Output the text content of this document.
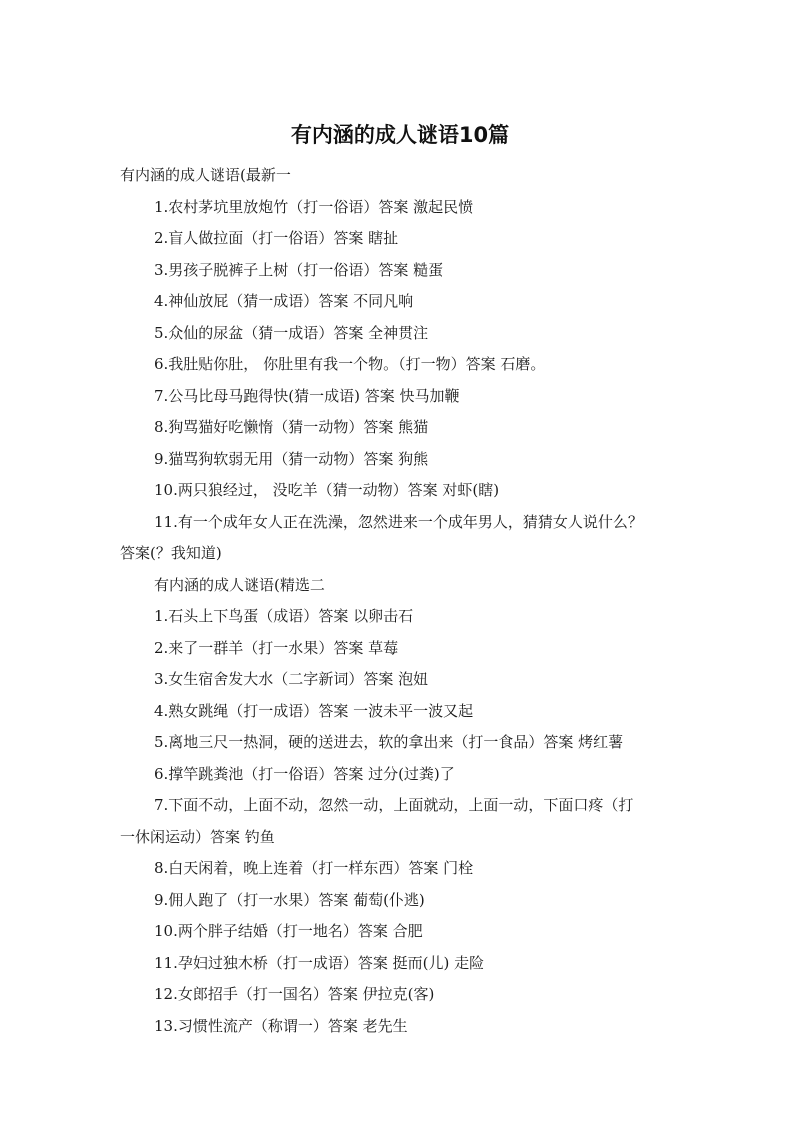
有内涵的成人谜语10篇

有内涵的成人谜语(最新一

1.农村茅坑里放炮竹（打一俗语）答案 激起民愤

2.盲人做拉面（打一俗语）答案 瞎扯

3.男孩子脱裤子上树（打一俗语）答案 糙蛋

4.神仙放屁（猜一成语）答案 不同凡响

5.众仙的尿盆（猜一成语）答案 全神贯注

6.我肚贴你肚， 你肚里有我一个物。（打一物）答案 石磨。

7.公马比母马跑得快(猜一成语) 答案 快马加鞭

8.狗骂猫好吃懒惰（猜一动物）答案 熊猫

9.猫骂狗软弱无用（猜一动物）答案 狗熊

10.两只狼经过， 没吃羊（猜一动物）答案 对虾(瞎)

11.有一个成年女人正在洗澡，忽然进来一个成年男人，猜猜女人说什么？

答案(？我知道)

有内涵的成人谜语(精选二

1.石头上下鸟蛋（成语）答案 以卵击石

2.来了一群羊（打一水果）答案 草莓

3.女生宿舍发大水（二字新词）答案 泡妞

4.熟女跳绳（打一成语）答案 一波未平一波又起

5.离地三尺一热洞，硬的送进去，软的拿出来（打一食品）答案 烤红薯

6.撑竿跳粪池（打一俗语）答案 过分(过粪)了

7.下面不动，上面不动，忽然一动，上面就动，上面一动，下面口疼（打

一休闲运动）答案 钓鱼

8.白天闲着，晚上连着（打一样东西）答案 门栓

9.佣人跑了（打一水果）答案 葡萄(仆逃)

10.两个胖子结婚（打一地名）答案 合肥

11.孕妇过独木桥（打一成语）答案 挺而(儿) 走险

12.女郎招手（打一国名）答案 伊拉克(客)

13.习惯性流产（称谓一）答案 老先生
